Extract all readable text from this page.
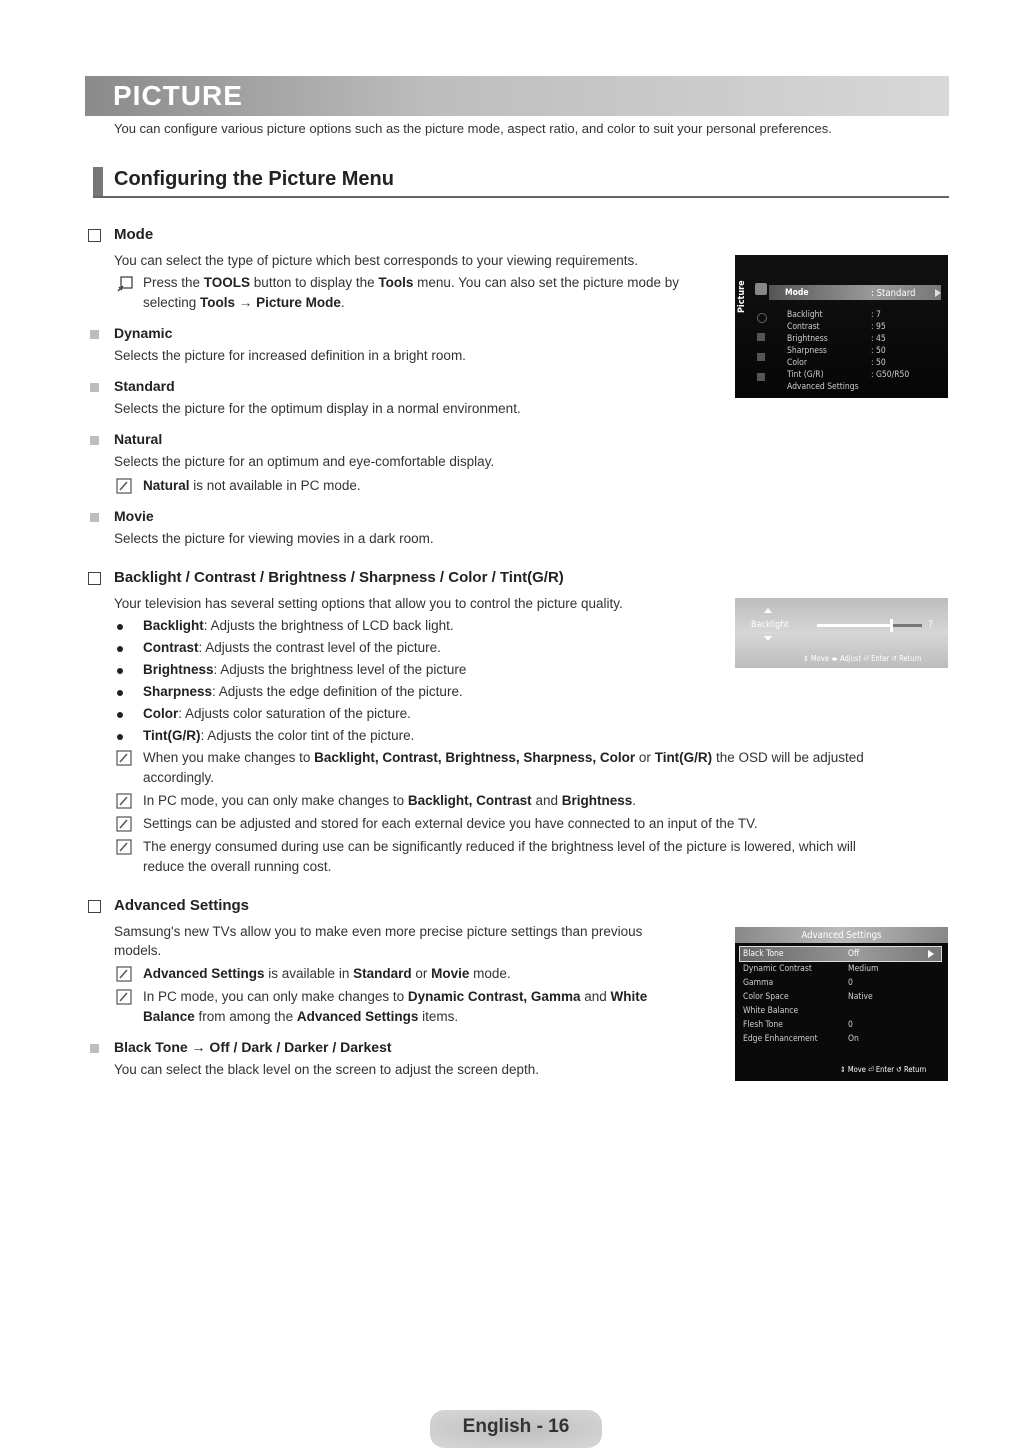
PICTURE
You can configure various picture options such as the picture mode, aspect ratio, and color to suit your personal preferences.
Configuring the Picture Menu
Mode
You can select the type of picture which best corresponds to your viewing requirements.
Press the TOOLS button to display the Tools menu. You can also set the picture mode by
selecting Tools → Picture Mode.
Dynamic
Selects the picture for increased definition in a bright room.
Standard
Selects the picture for the optimum display in a normal environment.
Natural
Selects the picture for an optimum and eye-comfortable display.
Natural is not available in PC mode.
Movie
Selects the picture for viewing movies in a dark room.
Picture	Mode	: Standard
Backlight	: 7
Contrast	: 95
Brightness	: 45
Sharpness	: 50
Color	: 50
Tint (G/R)	: G50/R50
Advanced Settings
Backlight / Contrast / Brightness / Sharpness / Color / Tint(G/R)
Your television has several setting options that allow you to control the picture quality.
Backlight: Adjusts the brightness of LCD back light.
Contrast: Adjusts the contrast level of the picture.
Brightness: Adjusts the brightness level of the picture
Sharpness: Adjusts the edge definition of the picture.
Color: Adjusts color saturation of the picture.
Tint(G/R): Adjusts the color tint of the picture.
When you make changes to Backlight, Contrast, Brightness, Sharpness, Color or Tint(G/R) the OSD will be adjusted
accordingly.
In PC mode, you can only make changes to Backlight, Contrast and Brightness.
Settings can be adjusted and stored for each external device you have connected to an input of the TV.
The energy consumed during use can be significantly reduced if the brightness level of the picture is lowered, which will
reduce the overall running cost.
Backlight	7
⇕ Move ◂▸ Adjust ⏎ Enter ↺ Return
Advanced Settings
Samsung's new TVs allow you to make even more precise picture settings than previous
models.
Advanced Settings is available in Standard or Movie mode.
In PC mode, you can only make changes to Dynamic Contrast, Gamma and White
Balance from among the Advanced Settings items.
Black Tone → Off / Dark / Darker / Darkest
You can select the black level on the screen to adjust the screen depth.
Advanced Settings
Black Tone	Off
Dynamic Contrast	Medium
Gamma	0
Color Space	Native
White Balance
Flesh Tone	0
Edge Enhancement	On
⇕ Move ⏎ Enter ↺ Return
English - 16
